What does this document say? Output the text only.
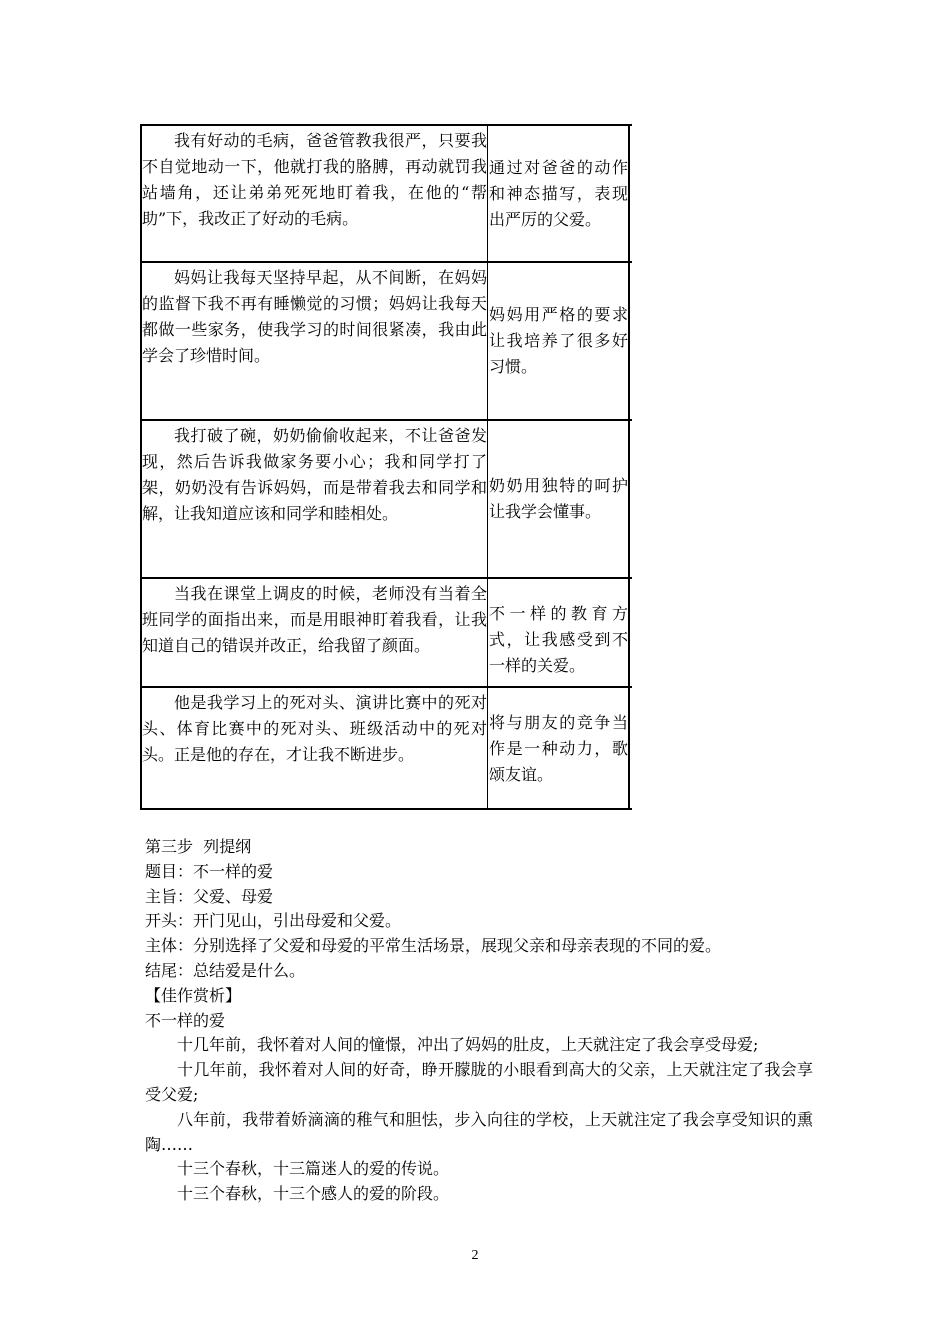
我有好动的毛病，爸爸管教我很严，只要我不自觉地动一下，他就打我的胳膊，再动就罚我站墙角，还让弟弟死死地盯着我，在他的“帮助”下，我改正了好动的毛病。
通过对爸爸的动作和神态描写，表现出严厉的父爱。
妈妈让我每天坚持早起，从不间断，在妈妈的监督下我不再有睡懒觉的习惯；妈妈让我每天都做一些家务，使我学习的时间很紧凑，我由此学会了珍惜时间。
妈妈用严格的要求让我培养了很多好习惯。
我打破了碗，奶奶偷偷收起来，不让爸爸发现，然后告诉我做家务要小心；我和同学打了架，奶奶没有告诉妈妈，而是带着我去和同学和解，让我知道应该和同学和睦相处。
奶奶用独特的呵护让我学会懂事。
当我在课堂上调皮的时候，老师没有当着全班同学的面指出来，而是用眼神盯着我看，让我知道自己的错误并改正，给我留了颜面。
不一样的教育方式，让我感受到不一样的关爱。
他是我学习上的死对头、演讲比赛中的死对头、体育比赛中的死对头、班级活动中的死对头。正是他的存在，才让我不断进步。
将与朋友的竞争当作是一种动力，歌颂友谊。

第三步  列提纲

题目：不一样的爱

主旨：父爱、母爱

开头：开门见山，引出母爱和父爱。

主体：分别选择了父爱和母爱的平常生活场景，展现父亲和母亲表现的不同的爱。

结尾：总结爱是什么。

【佳作赏析】

不一样的爱

十几年前，我怀着对人间的憧憬，冲出了妈妈的肚皮，上天就注定了我会享受母爱;

十几年前，我怀着对人间的好奇，睁开朦胧的小眼看到高大的父亲，上天就注定了我会享受父爱;

八年前，我带着娇滴滴的稚气和胆怯，步入向往的学校，上天就注定了我会享受知识的熏陶……

十三个春秋，十三篇迷人的爱的传说。

十三个春秋，十三个感人的爱的阶段。

2
